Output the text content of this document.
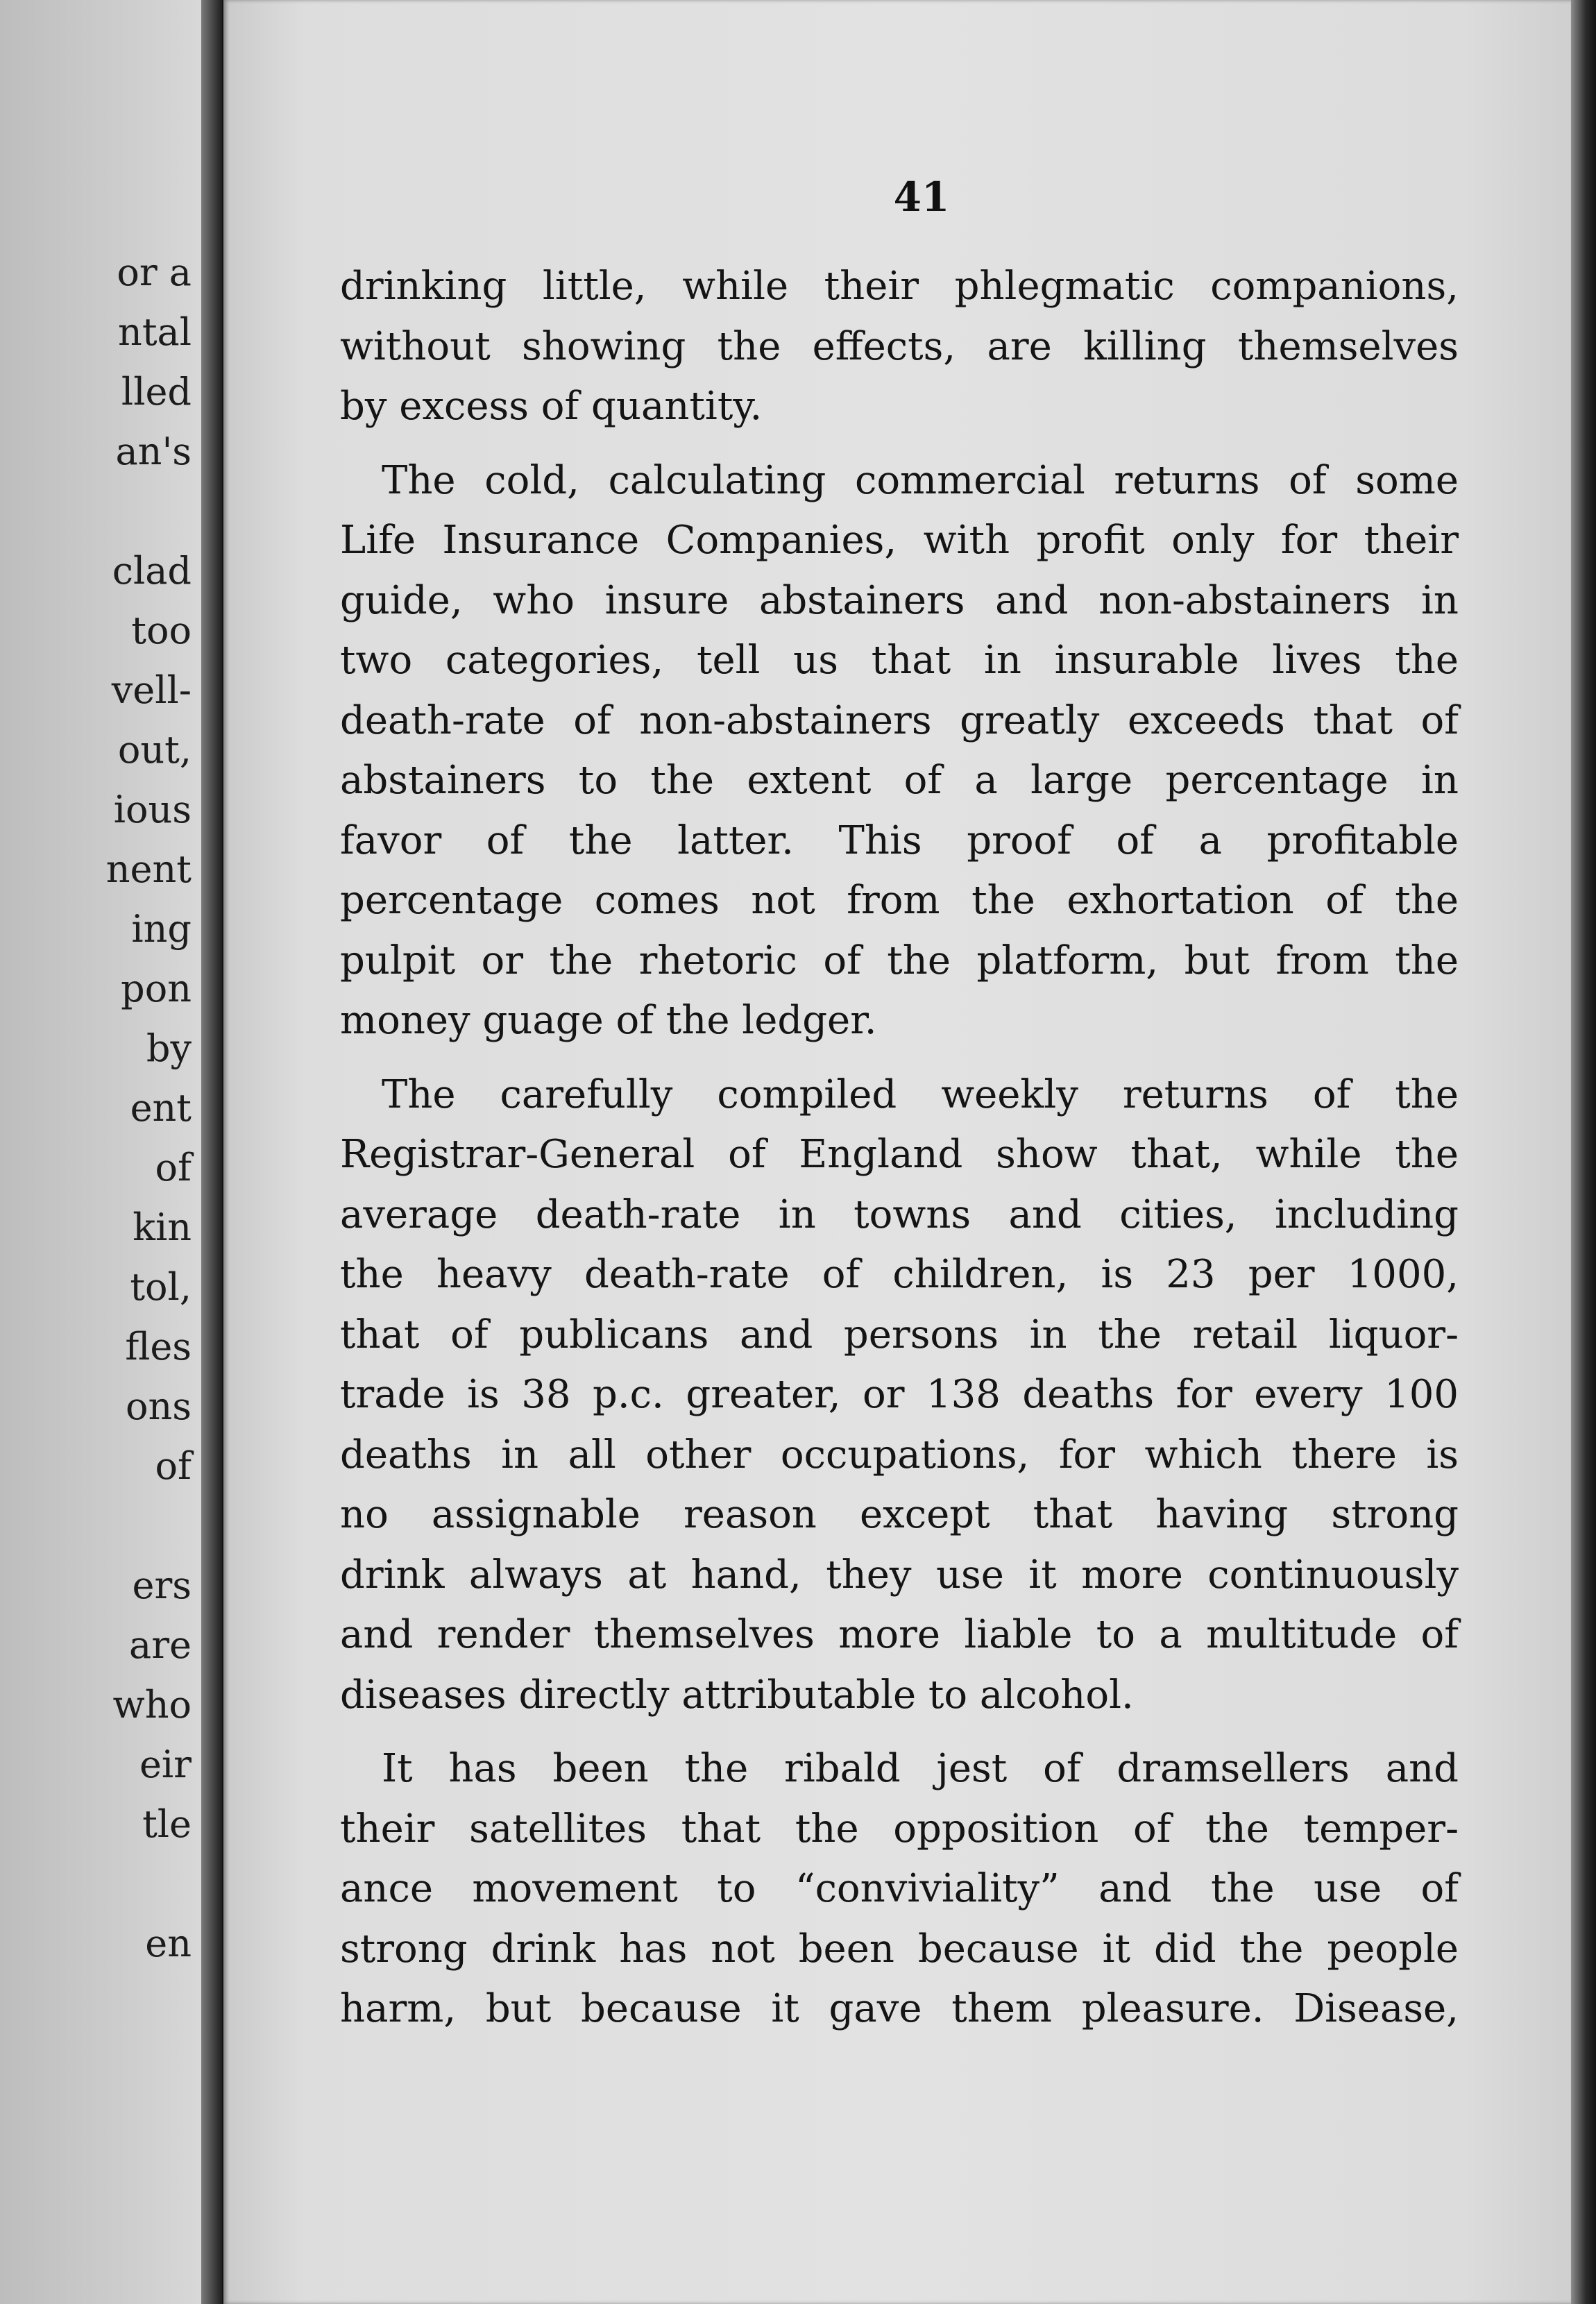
or a
ntal
lled
an's
clad
too
vell-
out,
ious
nent
ing
pon
by
ent
of
kin
tol,
fles
ons
of
ers
are
who
eir
tle
en
41
drinking little, while their phlegmatic companions,
without showing the effects, are killing themselves
by excess of quantity.
The cold, calculating commercial returns of some
Life Insurance Companies, with profit only for their
guide, who insure abstainers and non-abstainers in
two categories, tell us that in insurable lives the
death-rate of non-abstainers greatly exceeds that of
abstainers to the extent of a large percentage in
favor of the latter. This proof of a profitable
percentage comes not from the exhortation of the
pulpit or the rhetoric of the platform, but from the
money guage of the ledger.
The carefully compiled weekly returns of the
Registrar-General of England show that, while the
average death-rate in towns and cities, including
the heavy death-rate of children, is 23 per 1000,
that of publicans and persons in the retail liquor-
trade is 38 p.c. greater, or 138 deaths for every 100
deaths in all other occupations, for which there is
no assignable reason except that having strong
drink always at hand, they use it more continuously
and render themselves more liable to a multitude of
diseases directly attributable to alcohol.
It has been the ribald jest of dramsellers and
their satellites that the opposition of the temper-
ance movement to “conviviality” and the use of
strong drink has not been because it did the people
harm, but because it gave them pleasure. Disease,
